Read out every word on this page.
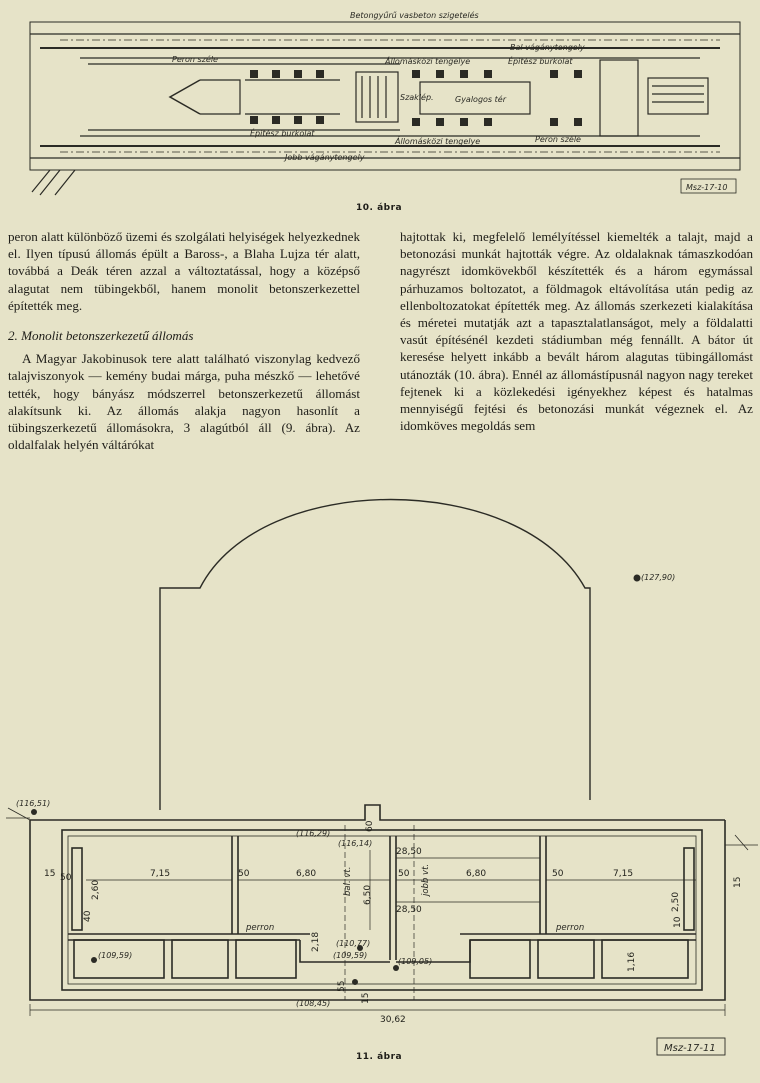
Betongyűrű vasbeton szigetelés
Bal vágánytengely
Peron széle	Állomásközi tengelye	Építész burkolat
Szaklép.	Gyalogos tér
Építész burkolat
Állomásközi tengelye	Peron széle
Jobb vágánytengely
Msz-17-10
10. ábra

peron alatt különböző üzemi és szolgálati helyiségek helyezkednek el. Ilyen típusú állomás épült a Baross-, a Blaha Lujza tér alatt, továbbá a Deák téren azzal a változtatással, hogy a középső alagutat nem tübingekből, hanem monolit betonszerkezettel építették meg.

2. Monolit betonszerkezetű állomás

A Magyar Jakobinusok tere alatt található viszonylag kedvező talajviszonyok — kemény budai márga, puha mészkő — lehetővé tették, hogy bányász módszerrel betonszerkezetű állomást alakítsunk ki. Az állomás alakja nagyon hasonlít a tübingszerkezetű állomásokra, 3 alagútból áll (9. ábra). Az oldalfalak helyén váltárókat

hajtottak ki, megfelelő lemélyítéssel kiemelték a talajt, majd a betonozási munkát hajtották végre. Az oldalaknak támaszkodóan nagyrészt idomkövekből készítették és a három egymással párhuzamos boltozatot, a földmagok eltávolítása után pedig az ellenboltozatokat építették meg. Az állomás szerkezeti kialakítása és méretei mutatják azt a tapasztalatlanságot, mely a földalatti vasút építésénél kezdeti stádiumban még fennállt. A bátor út keresése helyett inkább a bevált három alagutas tübingállomást utánozták (10. ábra). Ennél az állomástípusnál nagyon nagy tereket fejtenek ki a közlekedési igényekhez képest és hatalmas mennyiségű fejtési és betonozási munkát végeznek el. Az idomköves megoldás sem

(127,90)
(116,51)
(116,29)
(116,14)
(110,77)
(109,59)	(109,59)
(109,05)
(108,45)
7,15	6,80	6,80	7,15
50	50	50
50
28,50
28,50
6,50
2,60
2,50
40
10
15
15
60
30,62
15
55
2,18
1,16
perron	perron
bal. vt.	jobb vt.
Msz-17-11
11. ábra
